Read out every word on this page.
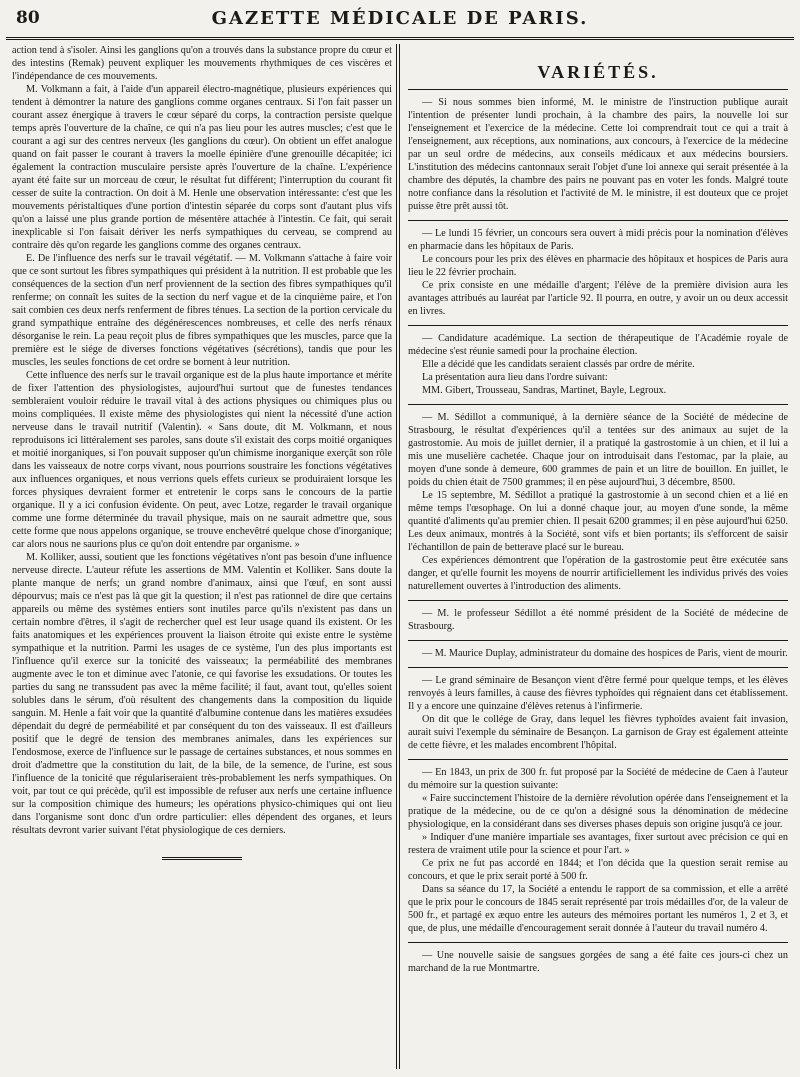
80	GAZETTE MÉDICALE DE PARIS.

action tend à s'isoler. Ainsi les ganglions qu'on a trouvés dans la substance propre du cœur et des intestins (Remak) peuvent expliquer les mouvements rhythmiques de ces viscères et l'indépendance de ces mouvements.

M. Volkmann a fait, à l'aide d'un appareil électro-magnétique, plusieurs expériences qui tendent à démontrer la nature des ganglions comme organes centraux. Si l'on fait passer un courant assez énergique à travers le cœur séparé du corps, la contraction persiste quelque temps après l'ouverture de la chaîne, ce qui n'a pas lieu pour les autres muscles; c'est que le courant a agi sur des centres nerveux (les ganglions du cœur). On obtient un effet analogue quand on fait passer le courant à travers la moelle épinière d'une grenouille décapitée; ici également la contraction musculaire persiste après l'ouverture de la chaîne. L'expérience ayant été faite sur un morceau de cœur, le résultat fut différent; l'interruption du courant fit cesser de suite la contraction. On doit à M. Henle une observation intéressante: c'est que les mouvements péristaltiques d'une portion d'intestin séparée du corps sont d'autant plus vifs qu'on a laissé une plus grande portion de mésentère attachée à l'intestin. Ce fait, qui serait inexplicable si l'on faisait dériver les nerfs sympathiques du cerveau, se comprend au contraire dès qu'on regarde les ganglions comme des organes centraux.

E. De l'influence des nerfs sur le travail végétatif. — M. Volkmann s'attache à faire voir que ce sont surtout les fibres sympathiques qui président à la nutrition. Il est probable que les conséquences de la section d'un nerf proviennent de la section des fibres sympathiques qu'il renferme; on connaît les suites de la section du nerf vague et de la cinquième paire, et l'on sait combien ces deux nerfs renferment de fibres ténues. La section de la portion cervicale du grand sympathique entraîne des dégénérescences nombreuses, et celle des nerfs rénaux désorganise le rein. La peau reçoit plus de fibres sympathiques que les muscles, parce que la première est le siége de diverses fonctions végétatives (sécrétions), tandis que pour les muscles, les seules fonctions de cet ordre se bornent à leur nutrition.

Cette influence des nerfs sur le travail organique est de la plus haute importance et mérite de fixer l'attention des physiologistes, aujourd'hui surtout que de funestes tendances sembleraient vouloir réduire le travail vital à des actions physiques ou chimiques plus ou moins compliquées. Il existe même des physiologistes qui nient la nécessité d'une action nerveuse dans le travail nutritif (Valentin). « Sans doute, dit M. Volkmann, et nous reproduisons ici littéralement ses paroles, sans doute s'il existait des corps moitié organiques et moitié inorganiques, si l'on pouvait supposer qu'un chimisme inorganique exerçât son rôle dans les vaisseaux de notre corps vivant, nous pourrions soustraire les fonctions végétatives aux influences organiques, et nous verrions quels effets curieux se produiraient lorsque les forces physiques devraient former et entretenir le corps sans le concours de la partie organique. Il y a ici confusion évidente. On peut, avec Lotze, regarder le travail organique comme une forme déterminée du travail physique, mais on ne saurait admettre que, sous cette forme que nous appelons organique, se trouve enchevêtré quelque chose d'inorganique; car alors nous ne saurions plus ce qu'on doit entendre par organisme. »

M. Kolliker, aussi, soutient que les fonctions végétatives n'ont pas besoin d'une influence nerveuse directe. L'auteur réfute les assertions de MM. Valentin et Kolliker. Sans doute la plante manque de nerfs; un grand nombre d'animaux, ainsi que l'œuf, en sont aussi dépourvus; mais ce n'est pas là que git la question; il n'est pas rationnel de dire que certains appareils ou même des systèmes entiers sont inutiles parce qu'ils n'existent pas dans un certain nombre d'êtres, il s'agit de rechercher quel est leur usage quand ils existent. Or les faits anatomiques et les expériences prouvent la liaison étroite qui existe entre le système sympathique et la nutrition. Parmi les usages de ce système, l'un des plus importants est l'influence qu'il exerce sur la tonicité des vaisseaux; la perméabilité des membranes augmente avec le ton et diminue avec l'atonie, ce qui favorise les exsudations. Or toutes les parties du sang ne transsudent pas avec la même facilité; il faut, avant tout, qu'elles soient solubles dans le sérum, d'où résultent des changements dans la composition du liquide sanguin. M. Henle a fait voir que la quantité d'albumine contenue dans les matières exsudées dépendait du degré de perméabilité et par conséquent du ton des vaisseaux. Il est d'ailleurs positif que le degré de tension des membranes animales, dans les expériences sur l'endosmose, exerce de l'influence sur le passage de certaines substances, et nous sommes en droit d'admettre que la constitution du lait, de la bile, de la semence, de l'urine, est sous l'influence de la tonicité que régulariseraient très-probablement les nerfs sympathiques. On voit, par tout ce qui précède, qu'il est impossible de refuser aux nerfs une certaine influence sur la composition chimique des humeurs; les opérations physico-chimiques qui ont lieu dans l'organisme sont donc d'un ordre particulier: elles dépendent des organes, et leurs résultats devront varier suivant l'état physiologique de ces derniers.

VARIÉTÉS.

— Si nous sommes bien informé, M. le ministre de l'instruction publique aurait l'intention de présenter lundi prochain, à la chambre des pairs, la nouvelle loi sur l'enseignement et l'exercice de la médecine. Cette loi comprendrait tout ce qui a trait à l'enseignement, aux réceptions, aux nominations, aux concours, à l'exercice de la médecine par un seul ordre de médecins, aux conseils médicaux et aux médecins boursiers. L'institution des médecins cantonnaux serait l'objet d'une loi annexe qui serait présentée à la chambre des députés, la chambre des pairs ne pouvant pas en voter les fonds. Malgré toute notre confiance dans la résolution et l'activité de M. le ministre, il est douteux que ce projet puisse être prêt aussi tôt.

— Le lundi 15 février, un concours sera ouvert à midi précis pour la nomination d'élèves en pharmacie dans les hôpitaux de Paris.

Le concours pour les prix des élèves en pharmacie des hôpitaux et hospices de Paris aura lieu le 22 février prochain.

Ce prix consiste en une médaille d'argent; l'élève de la première division aura les avantages attribués au lauréat par l'article 92. Il pourra, en outre, y avoir un ou deux accessit en livres.

— Candidature académique. La section de thérapeutique de l'Académie royale de médecine s'est réunie samedi pour la prochaine élection.

Elle a décidé que les candidats seraient classés par ordre de mérite.

La présentation aura lieu dans l'ordre suivant:

MM. Gibert, Trousseau, Sandras, Martinet, Bayle, Legroux.

— M. Sédillot a communiqué, à la dernière séance de la Société de médecine de Strasbourg, le résultat d'expériences qu'il a tentées sur des animaux au sujet de la gastrostomie. Au mois de juillet dernier, il a pratiqué la gastrostomie à un chien, et il lui a mis une muselière cachetée. Chaque jour on introduisait dans l'estomac, par la plaie, au moyen d'une sonde à demeure, 600 grammes de pain et un litre de bouillon. En juillet, le poids du chien était de 7500 grammes; il en pèse aujourd'hui, 3 décembre, 8500.

Le 15 septembre, M. Sédillot a pratiqué la gastrostomie à un second chien et a lié en même temps l'œsophage. On lui a donné chaque jour, au moyen d'une sonde, la même quantité d'aliments qu'au premier chien. Il pesait 6200 grammes; il en pèse aujourd'hui 6250. Les deux animaux, montrés à la Société, sont vifs et bien portants; ils s'efforcent de saisir l'échantillon de pain de betterave placé sur le bureau.

Ces expériences démontrent que l'opération de la gastrostomie peut être exécutée sans danger, et qu'elle fournit les moyens de nourrir artificiellement les individus privés des voies naturellement ouvertes à l'introduction des aliments.

— M. le professeur Sédillot a été nommé président de la Société de médecine de Strasbourg.

— M. Maurice Duplay, administrateur du domaine des hospices de Paris, vient de mourir.

— Le grand séminaire de Besançon vient d'être fermé pour quelque temps, et les élèves renvoyés à leurs familles, à cause des fièvres typhoïdes qui régnaient dans cet établissement. Il y a encore une quinzaine d'élèves retenus à l'infirmerie.

On dit que le collége de Gray, dans lequel les fièvres typhoïdes avaient fait invasion, aurait suivi l'exemple du séminaire de Besançon. La garnison de Gray est également atteinte de cette fièvre, et les malades encombrent l'hôpital.

— En 1843, un prix de 300 fr. fut proposé par la Société de médecine de Caen à l'auteur du mémoire sur la question suivante:

« Faire succinctement l'histoire de la dernière révolution opérée dans l'enseignement et la pratique de la médecine, ou de ce qu'on a désigné sous la dénomination de médecine physiologique, en la considérant dans ses diverses phases depuis son origine jusqu'à ce jour.

» Indiquer d'une manière impartiale ses avantages, fixer surtout avec précision ce qui en restera de vraiment utile pour la science et pour l'art. »

Ce prix ne fut pas accordé en 1844; et l'on décida que la question serait remise au concours, et que le prix serait porté à 500 fr.

Dans sa séance du 17, la Société a entendu le rapport de sa commission, et elle a arrêté que le prix pour le concours de 1845 serait représenté par trois médailles d'or, de la valeur de 500 fr., et partagé ex æquo entre les auteurs des mémoires portant les numéros 1, 2 et 3, et que, de plus, une médaille d'encouragement serait donnée à l'auteur du travail numéro 4.

— Une nouvelle saisie de sangsues gorgées de sang a été faite ces jours-ci chez un marchand de la rue Montmartre.
